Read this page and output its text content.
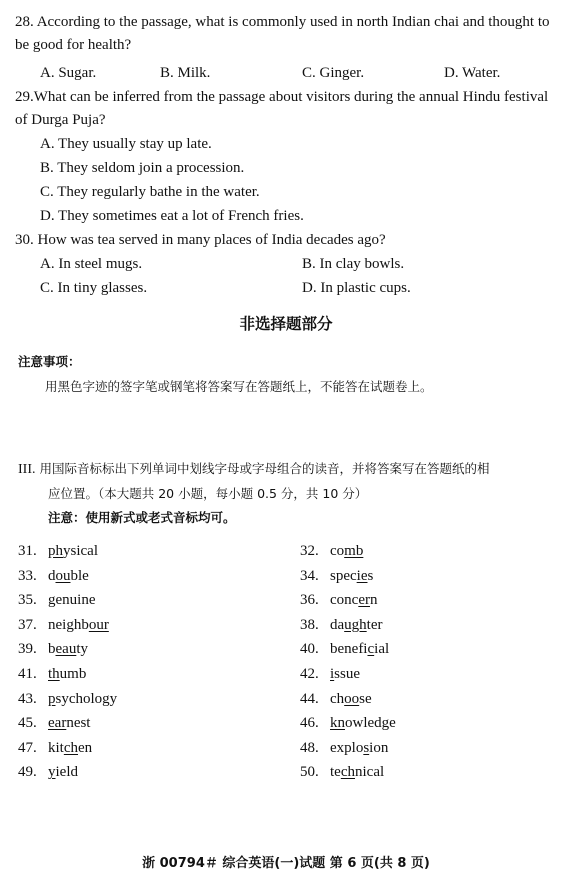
28. According to the passage, what is commonly used in north Indian chai and thought to be good for health?
A. Sugar.	B. Milk.	C. Ginger.	D. Water.
29.What can be inferred from the passage about visitors during the annual Hindu festival of Durga Puja?
A. They usually stay up late.
B. They seldom join a procession.
C. They regularly bathe in the water.
D. They sometimes eat a lot of French fries.
30. How was tea served in many places of India decades ago?
A. In steel mugs.	B. In clay bowls.
C. In tiny glasses.	D. In plastic cups.
非选择题部分
注意事项：
用黑色字迹的签字笔或钢笔将答案写在答题纸上，不能答在试题卷上。
III. 用国际音标标出下列单词中划线字母或字母组合的读音，并将答案写在答题纸的相
应位置。（本大题共 20 小题，每小题 0.5 分，共 10 分）
注意：使用新式或老式音标均可。
31. physical	32. comb
33. double	34. species
35. genuine	36. concern
37. neighbour	38. daughter
39. beauty	40. beneficial
41. thumb	42. issue
43. psychology	44. choose
45. earnest	46. knowledge
47. kitchen	48. explosion
49. yield	50. technical
浙 00794＃ 综合英语(一)试题 第 6 页(共 8 页)
